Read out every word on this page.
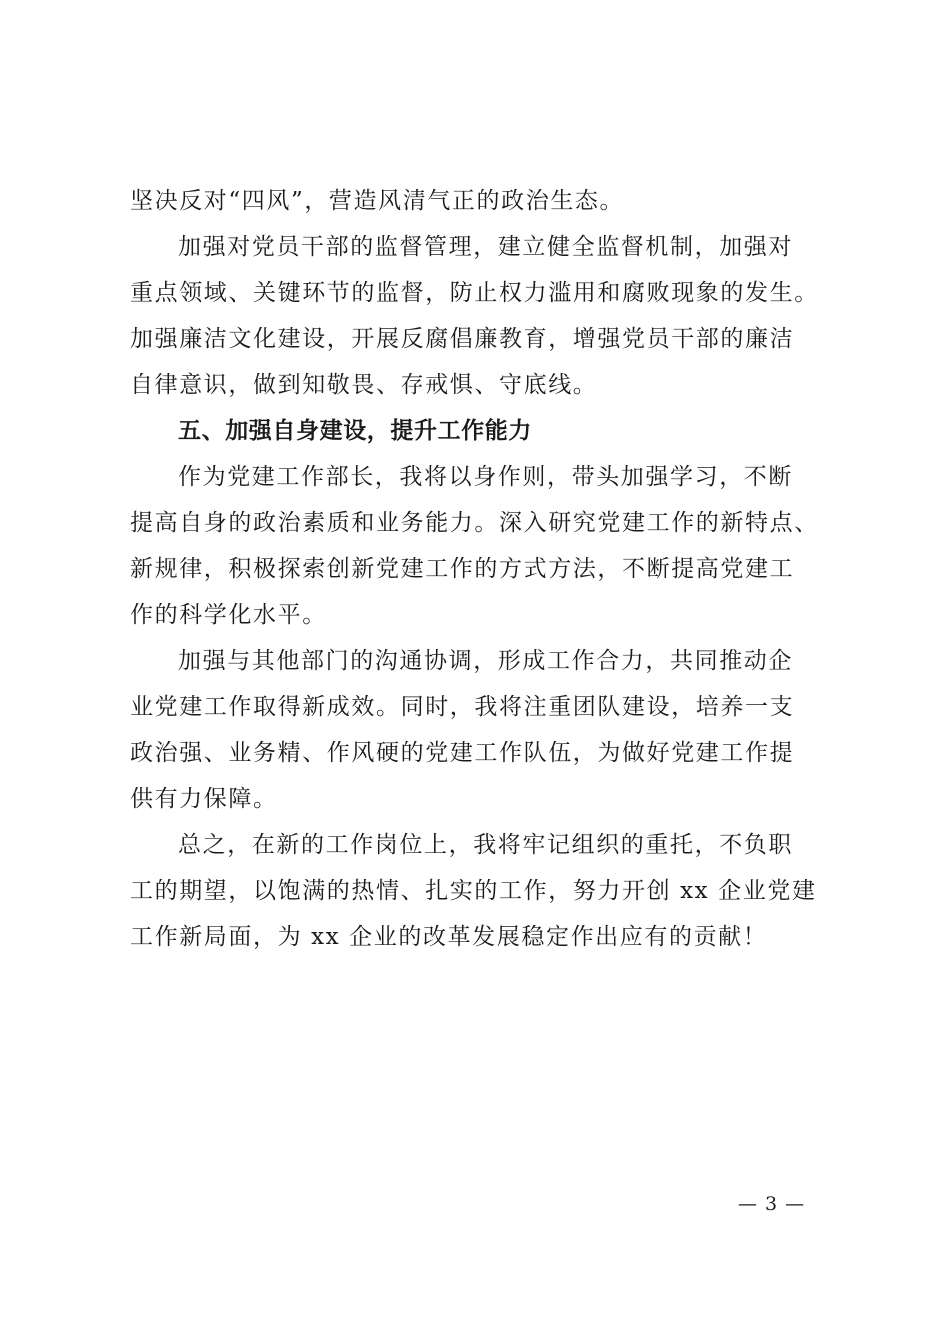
坚决反对“四风”，营造风清气正的政治生态。
加强对党员干部的监督管理，建立健全监督机制，加强对
重点领域、关键环节的监督，防止权力滥用和腐败现象的发生。
加强廉洁文化建设，开展反腐倡廉教育，增强党员干部的廉洁
自律意识，做到知敬畏、存戒惧、守底线。
五、加强自身建设，提升工作能力
作为党建工作部长，我将以身作则，带头加强学习，不断
提高自身的政治素质和业务能力。深入研究党建工作的新特点、
新规律，积极探索创新党建工作的方式方法，不断提高党建工
作的科学化水平。
加强与其他部门的沟通协调，形成工作合力，共同推动企
业党建工作取得新成效。同时，我将注重团队建设，培养一支
政治强、业务精、作风硬的党建工作队伍，为做好党建工作提
供有力保障。
总之，在新的工作岗位上，我将牢记组织的重托，不负职
工的期望，以饱满的热情、扎实的工作，努力开创 xx 企业党建
工作新局面，为 xx 企业的改革发展稳定作出应有的贡献！
— 3 —
